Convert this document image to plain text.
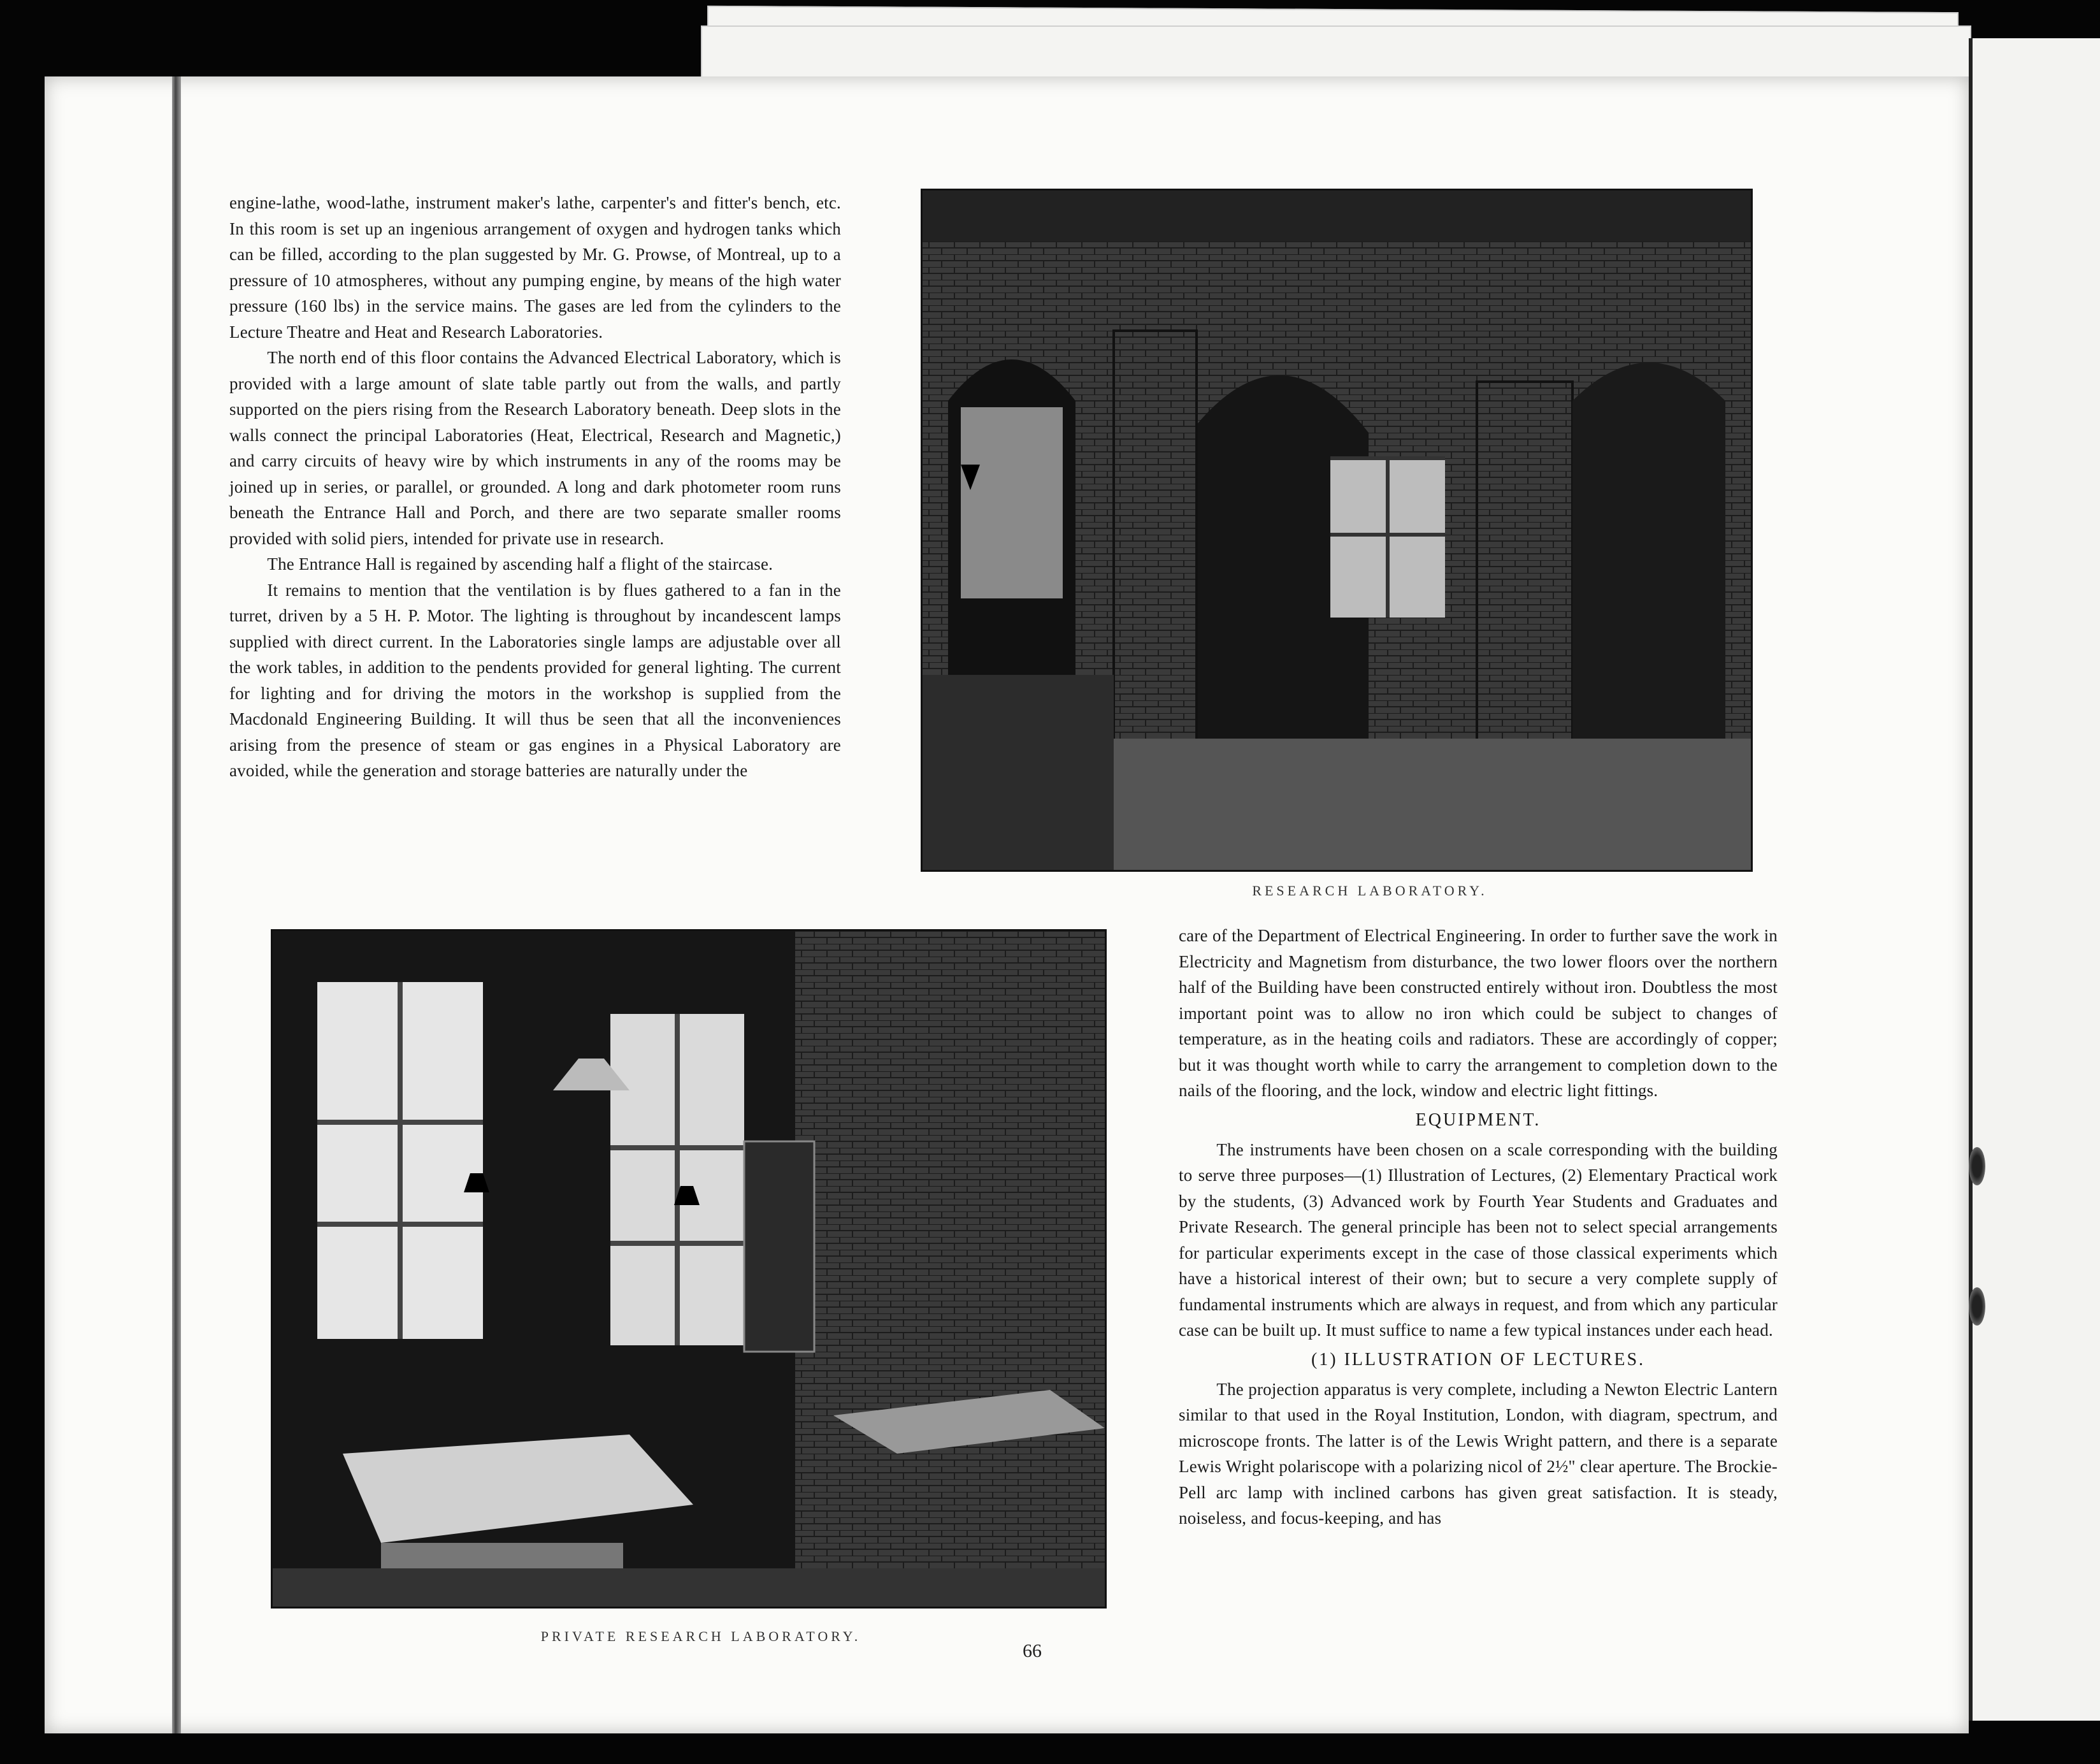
engine-lathe, wood-lathe, instrument maker's lathe, carpenter's and fitter's bench, etc. In this room is set up an ingenious arrangement of oxygen and hydrogen tanks which can be filled, according to the plan suggested by Mr. G. Prowse, of Montreal, up to a pressure of 10 atmospheres, without any pumping engine, by means of the high water pressure (160 lbs) in the service mains. The gases are led from the cylinders to the Lecture Theatre and Heat and Research Laboratories.

The north end of this floor contains the Advanced Electrical Laboratory, which is provided with a large amount of slate table partly out from the walls, and partly supported on the piers rising from the Research Laboratory beneath. Deep slots in the walls connect the principal Laboratories (Heat, Electrical, Research and Magnetic,) and carry circuits of heavy wire by which instruments in any of the rooms may be joined up in series, or parallel, or grounded. A long and dark photometer room runs beneath the Entrance Hall and Porch, and there are two separate smaller rooms provided with solid piers, intended for private use in research.

The Entrance Hall is regained by ascending half a flight of the staircase.

It remains to mention that the ventilation is by flues gathered to a fan in the turret, driven by a 5 H. P. Motor. The lighting is throughout by incandescent lamps supplied with direct current. In the Laboratories single lamps are adjustable over all the work tables, in addition to the pendents provided for general lighting. The current for lighting and for driving the motors in the workshop is supplied from the Macdonald Engineering Building. It will thus be seen that all the inconveniences arising from the presence of steam or gas engines in a Physical Laboratory are avoided, while the generation and storage batteries are naturally under the

RESEARCH LABORATORY.
PRIVATE RESEARCH LABORATORY.

care of the Department of Electrical Engineering. In order to further save the work in Electricity and Magnetism from disturbance, the two lower floors over the northern half of the Building have been constructed entirely without iron. Doubtless the most important point was to allow no iron which could be subject to changes of temperature, as in the heating coils and radiators. These are accordingly of copper; but it was thought worth while to carry the arrangement to completion down to the nails of the flooring, and the lock, window and electric light fittings.

EQUIPMENT.

The instruments have been chosen on a scale corresponding with the building to serve three purposes—(1) Illustration of Lectures, (2) Elementary Practical work by the students, (3) Advanced work by Fourth Year Students and Graduates and Private Research. The general principle has been not to select special arrangements for particular experiments except in the case of those classical experiments which have a historical interest of their own; but to secure a very complete supply of fundamental instruments which are always in request, and from which any particular case can be built up. It must suffice to name a few typical instances under each head.

(1) ILLUSTRATION OF LECTURES.

The projection apparatus is very complete, including a Newton Electric Lantern similar to that used in the Royal Institution, London, with diagram, spectrum, and microscope fronts. The latter is of the Lewis Wright pattern, and there is a separate Lewis Wright polariscope with a polarizing nicol of 2½" clear aperture. The Brockie-Pell arc lamp with inclined carbons has given great satisfaction. It is steady, noiseless, and focus-keeping, and has

66
